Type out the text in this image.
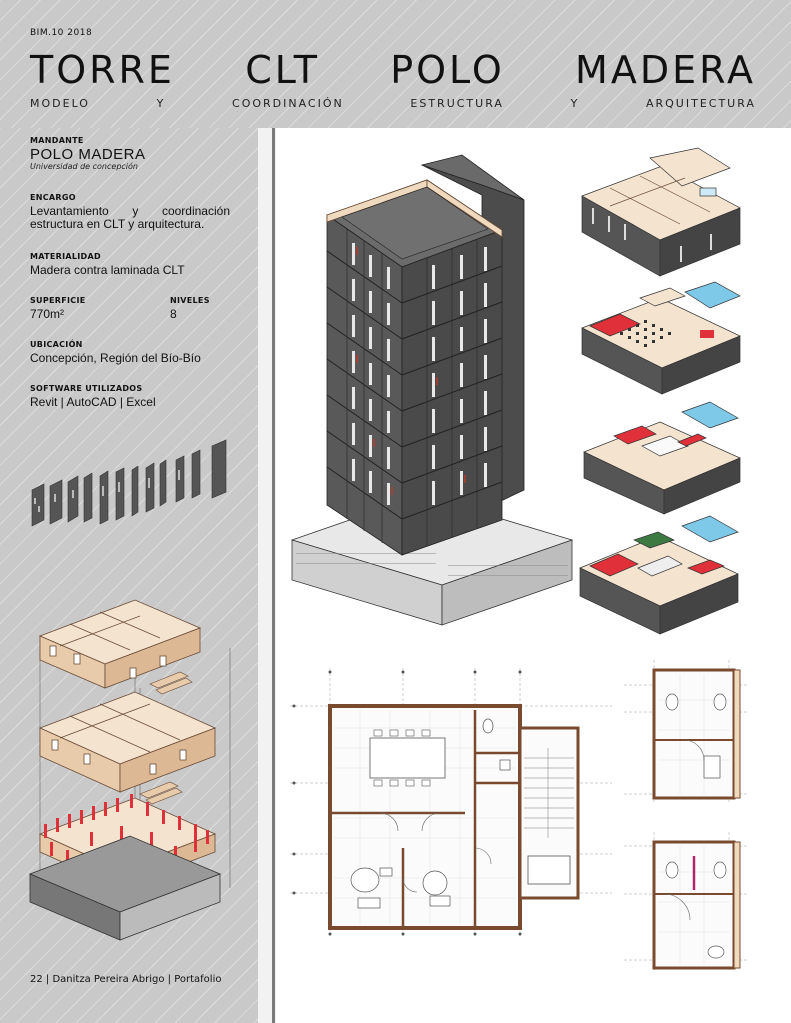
BIM.10 2018
TORRE CLT POLO MADERA
MODELO	Y	COORDINACIÓN	ESTRUCTURA	Y	ARQUITECTURA
MANDANTE
POLO MADERA
Universidad de concepción
ENCARGO
Levantamiento y coordinación estructura en CLT y arquitectura.
MATERIALIDAD
Madera contra laminada CLT
SUPERFICIE
770m²
NIVELES
8
UBICACIÓN
Concepción, Región del Bío-Bío
SOFTWARE UTILIZADOS
Revit | AutoCAD | Excel
22 | Danitza Pereira Abrigo | Portafolio
